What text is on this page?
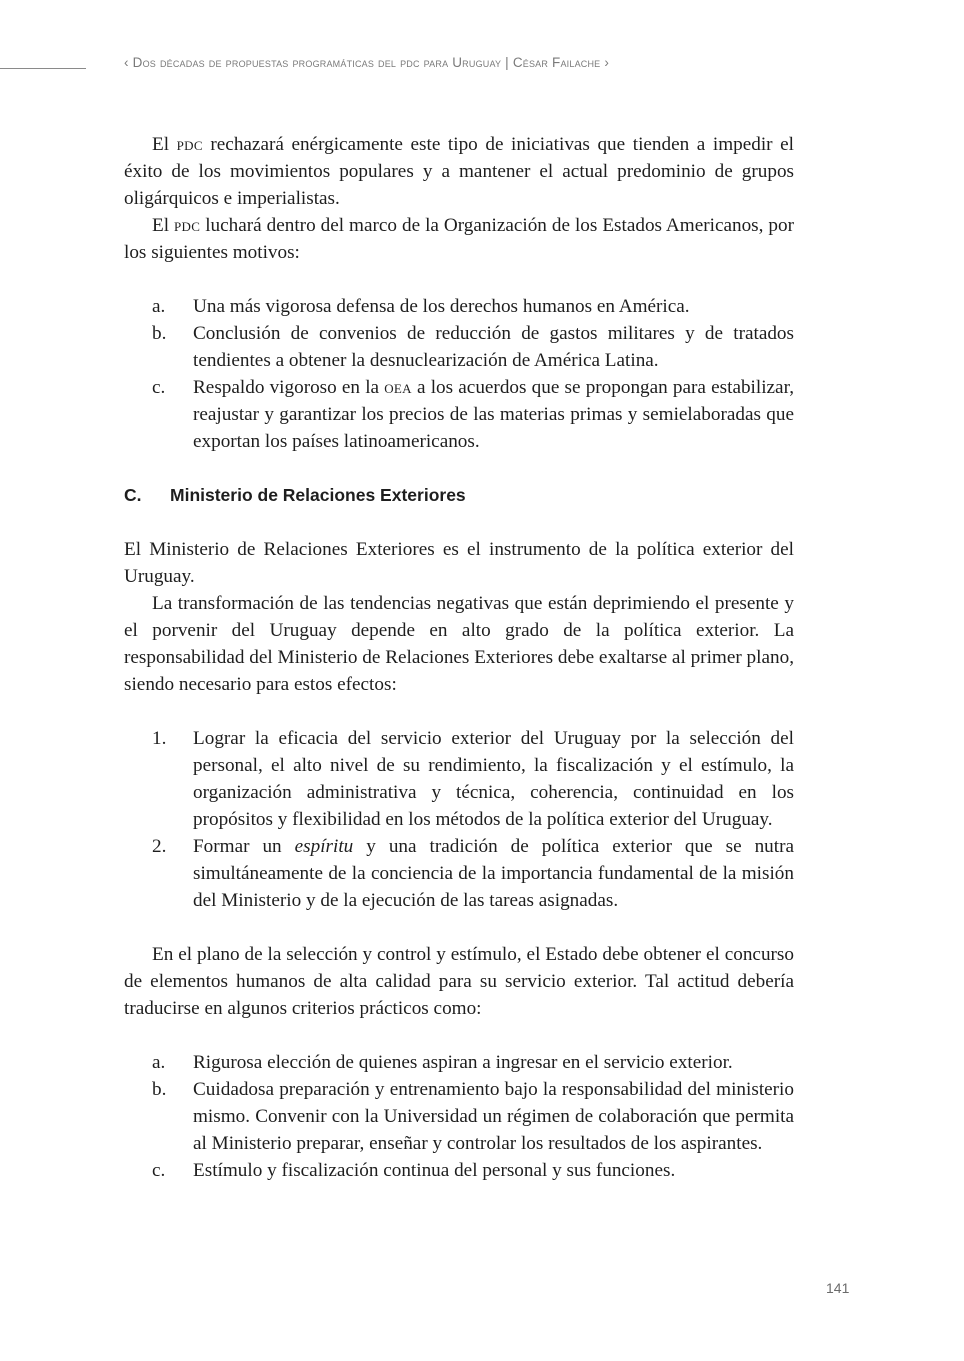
‹ Dos décadas de propuestas programáticas del pdc para Uruguay | César Failache ›

El pdc rechazará enérgicamente este tipo de iniciativas que tienden a impedir el éxito de los movimientos populares y a mantener el actual predominio de grupos oligárquicos e imperialistas.

El pdc luchará dentro del marco de la Organización de los Estados Americanos, por los siguientes motivos:

a. Una más vigorosa defensa de los derechos humanos en América.
b. Conclusión de convenios de reducción de gastos militares y de tratados tendientes a obtener la desnuclearización de América Latina.
c. Respaldo vigoroso en la oea a los acuerdos que se propongan para estabilizar, reajustar y garantizar los precios de las materias primas y semielaboradas que exportan los países latinoamericanos.
C. Ministerio de Relaciones Exteriores

El Ministerio de Relaciones Exteriores es el instrumento de la política exterior del Uruguay.

La transformación de las tendencias negativas que están deprimiendo el presente y el porvenir del Uruguay depende en alto grado de la política exterior. La responsabilidad del Ministerio de Relaciones Exteriores debe exaltarse al primer plano, siendo necesario para estos efectos:

1. Lograr la eficacia del servicio exterior del Uruguay por la selección del personal, el alto nivel de su rendimiento, la fiscalización y el estímulo, la organización administrativa y técnica, coherencia, continuidad en los propósitos y flexibilidad en los métodos de la política exterior del Uruguay.
2. Formar un espíritu y una tradición de política exterior que se nutra simultáneamente de la conciencia de la importancia fundamental de la misión del Ministerio y de la ejecución de las tareas asignadas.

En el plano de la selección y control y estímulo, el Estado debe obtener el concurso de elementos humanos de alta calidad para su servicio exterior. Tal actitud debería traducirse en algunos criterios prácticos como:

a. Rigurosa elección de quienes aspiran a ingresar en el servicio exterior.
b. Cuidadosa preparación y entrenamiento bajo la responsabilidad del ministerio mismo. Convenir con la Universidad un régimen de colaboración que permita al Ministerio preparar, enseñar y controlar los resultados de los aspirantes.
c. Estímulo y fiscalización continua del personal y sus funciones.
141
